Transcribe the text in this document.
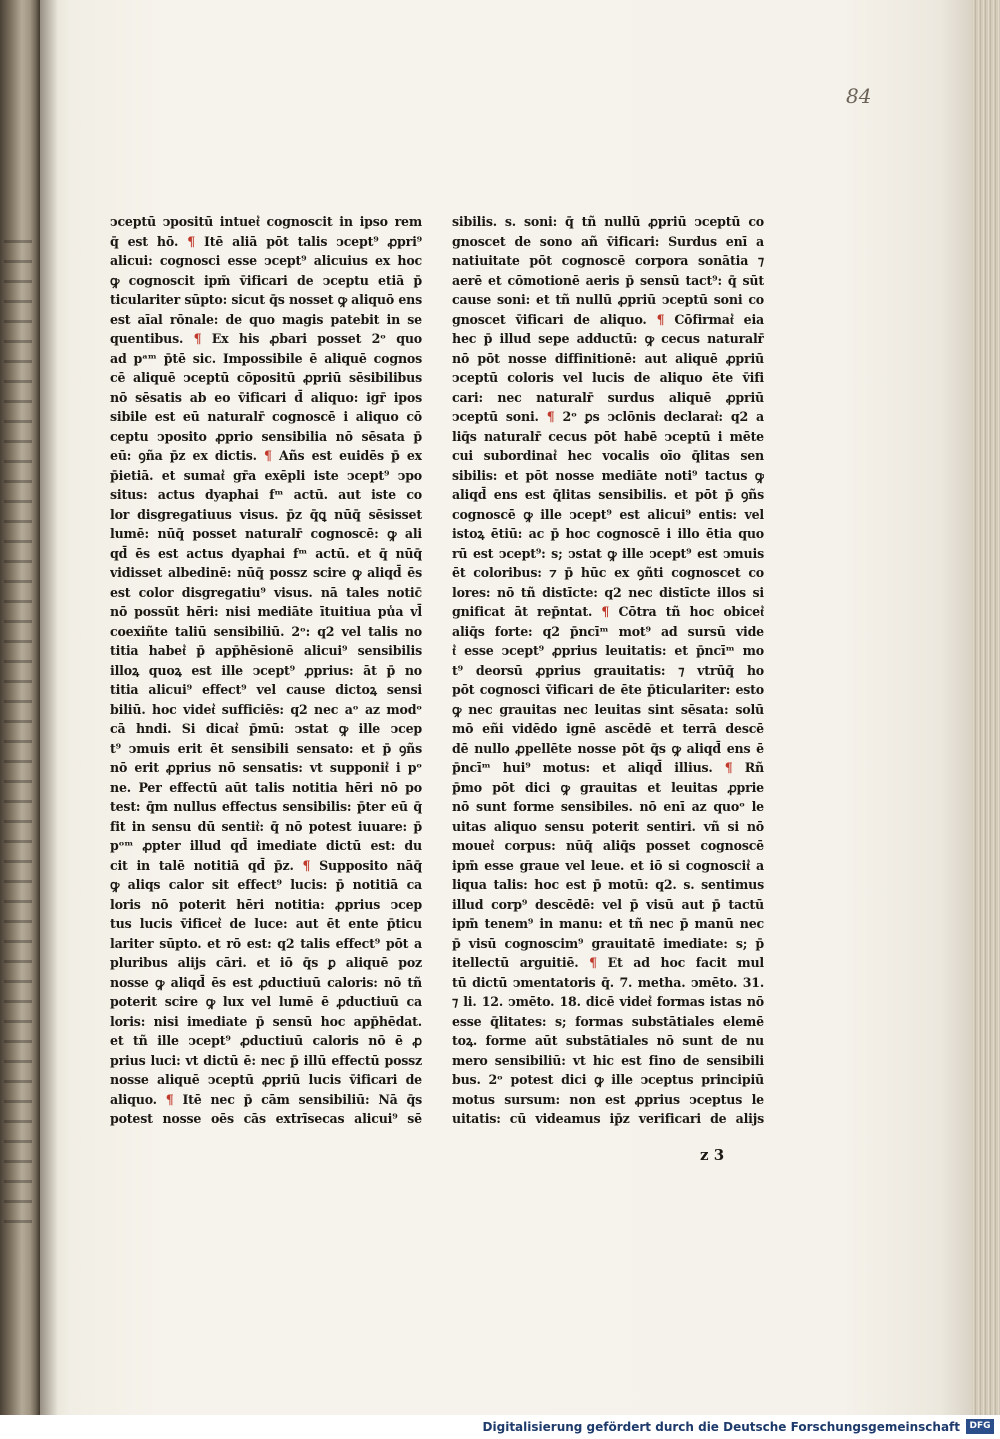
84
ↄceptū ↄpositū intuet͛ cognoscit in ipso rem
q̄ est hō. ¶ Itē aliā pōt talis ↄcept⁹ ꝓpri⁹
alicui: cognosci esse ↄcept⁹ alicuius ex hoc
ꝙ cognoscit ipm̄ v̄ificari de ↄceptu etiā p̄
ticulariter sūpto: sicut q̄s nosset ꝙ aliquō ens
est aīal rōnale: de quo magis patebit in se
quentibus. ¶ Ex his ꝓbari posset 2ᵒ quo
ad pᵃᵐ p̄tē sic. Impossibile ē aliquē cognos
cē aliquē ↄceptū cōpositū ꝓpriū sēsibilibus
nō sēsatis ab eo v̄ificari d̄ aliquo: igr̄ ipos
sibile est eū naturalr̄ cognoscē i aliquo cō
ceptu ↄposito ꝓprio sensibilia nō sēsata p̄
eū: ꝯña p̄z ex dictis. ¶ Añs est euidēs p̄ ex
p̄ietiā. et sumat͛ gr̄a exēpli iste ↄcept⁹ ↄpo
situs: actus dyaphai fᵐ actū. aut iste co
lor disgregatiuus visus. p̄z q̄ꝗ nūq̄ sēsisset
lumē: nūq̄ posset naturalr̄ cognoscē: ꝙ ali
qd̄ ēs est actus dyaphai fᵐ actū. et q̄ nūq̄
vidisset albedinē: nūq̄ possz scire ꝙ aliqd̄ ēs
est color disgregatiu⁹ visus. nā tales notic̄
nō possūt hēri: nisi mediāte ītuitiua pu̾a vl̄
coexiñte taliū sensibiliū. 2ᵒ: q2 vel talis no
titia habet͛ p̄ app̄hēsionē alicui⁹ sensibilis
illoꝝ quoꝝ est ille ↄcept⁹ ꝓprius: āt p̄ no
titia alicui⁹ effect⁹ vel cause dictoꝝ sensi
biliū. hoc videt͛ sufficiēs: q2 nec aᵒ az modᵒ
cā hndi. Si dicat͛ p̄mū: ↄstat ꝙ ille ↄcep
t⁹ ↄmuis erit ēt sensibili sensato: et p̄ ꝯñs
nō erit ꝓprius nō sensatis: vt supponit͛ i pᵒ
ne. Per effectū aūt talis notitia hēri nō po
test: q̄m nullus effectus sensibilis: p̄ter eū q̄
fit in sensu dū sentit͛: q̄ nō potest iuuare: p̄
pᵒᵐ ꝓpter illud qd̄ imediate dictū est: du
cit in talē notitiā qd̄ p̄z. ¶ Supposito nāq̄
ꝙ aliqs calor sit effect⁹ lucis: p̄ notitiā ca
loris nō poterit hēri notitia: ꝓprius ↄcep
tus lucis v̄ificet͛ de luce: aut ēt ente p̄ticu
lariter sūpto. et rō est: q2 talis effect⁹ pōt a
pluribus alijs cāri. et iō q̄s ꝑ aliquē poz
nosse ꝙ aliqd̄ ēs est ꝓductiuū caloris: nō tñ
poterit scire ꝙ lux vel lumē ē ꝓductiuū ca
loris: nisi imediate p̄ sensū hoc app̄hēdat.
et tñ ille ↄcept⁹ ꝓductiuū caloris nō ē ꝓ
prius luci: vt dictū ē: nec p̄ illū effectū possz
nosse aliquē ↄceptū ꝓpriū lucis v̄ificari de
aliquo. ¶ Itē nec p̄ cām sensibiliū: Nā q̄s
potest nosse oēs cās extrīsecas alicui⁹ sē
sibilis. s. soni: q̄ tñ nullū ꝓpriū ↄceptū co
gnoscet de sono añ v̄ificari: Surdus enī a
natiuitate pōt cognoscē corpora sonātia ⁊
aerē et cōmotionē aeris p̄ sensū tact⁹: q̄ sūt
cause soni: et tñ nullū ꝓpriū ↄceptū soni co
gnoscet v̄ificari de aliquo. ¶ Cōfirmat͛ eia
hec p̄ illud sepe adductū: ꝙ cecus naturalr̄
nō pōt nosse diffinitionē: aut aliquē ꝓpriū
ↄceptū coloris vel lucis de aliquo ēte v̄ifi
cari: nec naturalr̄ surdus aliquē ꝓpriū
ↄceptū soni. ¶ 2ᵒ ꝑs ↄclōnis declarat͛: q2 a
liq̄s naturalr̄ cecus pōt habē ↄceptū i mēte
cui subordinat͛ hec vocalis oīo q̄litas sen
sibilis: et pōt nosse mediāte noti⁹ tactus ꝙ
aliqd̄ ens est q̄litas sensibilis. et pōt p̄ ꝯñs
cognoscē ꝙ ille ↄcept⁹ est alicui⁹ entis: vel
istoꝝ ētiū: ac p̄ hoc cognoscē i illo ētia quo
rū est ↄcept⁹: s; ↄstat ꝙ ille ↄcept⁹ est ↄmuis
ēt coloribus: ⁊ p̄ hūc ex ꝯñti cognoscet co
lores: nō tñ distīcte: q2 nec distīcte illos si
gnificat āt rep̄ntat. ¶ Cōtra tñ hoc obicet͛
aliq̄s forte: q2 p̄ncīᵐ mot⁹ ad sursū vide
t͛ esse ↄcept⁹ ꝓprius leuitatis: et p̄ncīᵐ mo
t⁹ deorsū ꝓprius grauitatis: ⁊ vtrūq̄ ho
pōt cognosci v̄ificari de ēte p̄ticulariter: esto
ꝙ nec grauitas nec leuitas sint sēsata: solū
mō eñi vidēdo ignē ascēdē et terrā descē
dē nullo ꝓpellēte nosse pōt q̄s ꝙ aliqd̄ ens ē
p̄ncīᵐ hui⁹ motus: et aliqd̄ illius. ¶ Rñ
p̄mo pōt dici ꝙ grauitas et leuitas ꝓprie
nō sunt forme sensibiles. nō enī az quoᵒ le
uitas aliquo sensu poterit sentiri. vñ si nō
mouet͛ corpus: nūq̄ aliq̄s posset cognoscē
ipm̄ esse graue vel leue. et iō si cognoscit͛ a
liqua talis: hoc est p̄ motū: q2. s. sentimus
illud corp⁹ descēdē: vel p̄ visū aut p̄ tactū
ipm̄ tenem⁹ in manu: et tñ nec p̄ manū nec
p̄ visū cognoscim⁹ grauitatē imediate: s; p̄
itellectū arguitiē. ¶ Et ad hoc facit mul
tū dictū ↄmentatoris q̄. 7. metha. ↄmēto. 31.
⁊ li. 12. ↄmēto. 18. dicē videt͛ formas istas nō
esse q̄litates: s; formas substātiales elemē
toꝝ. forme aūt substātiales nō sunt de nu
mero sensibiliū: vt hic est fino de sensibili
bus. 2ᵒ potest dici ꝙ ille ↄceptus principiū
motus sursum: non est ꝓprius ↄceptus le
uitatis: cū videamus ip̄z verificari de alijs
z 3
Digitalisierung gefördert durch die Deutsche Forschungsgemeinschaft	DFG
